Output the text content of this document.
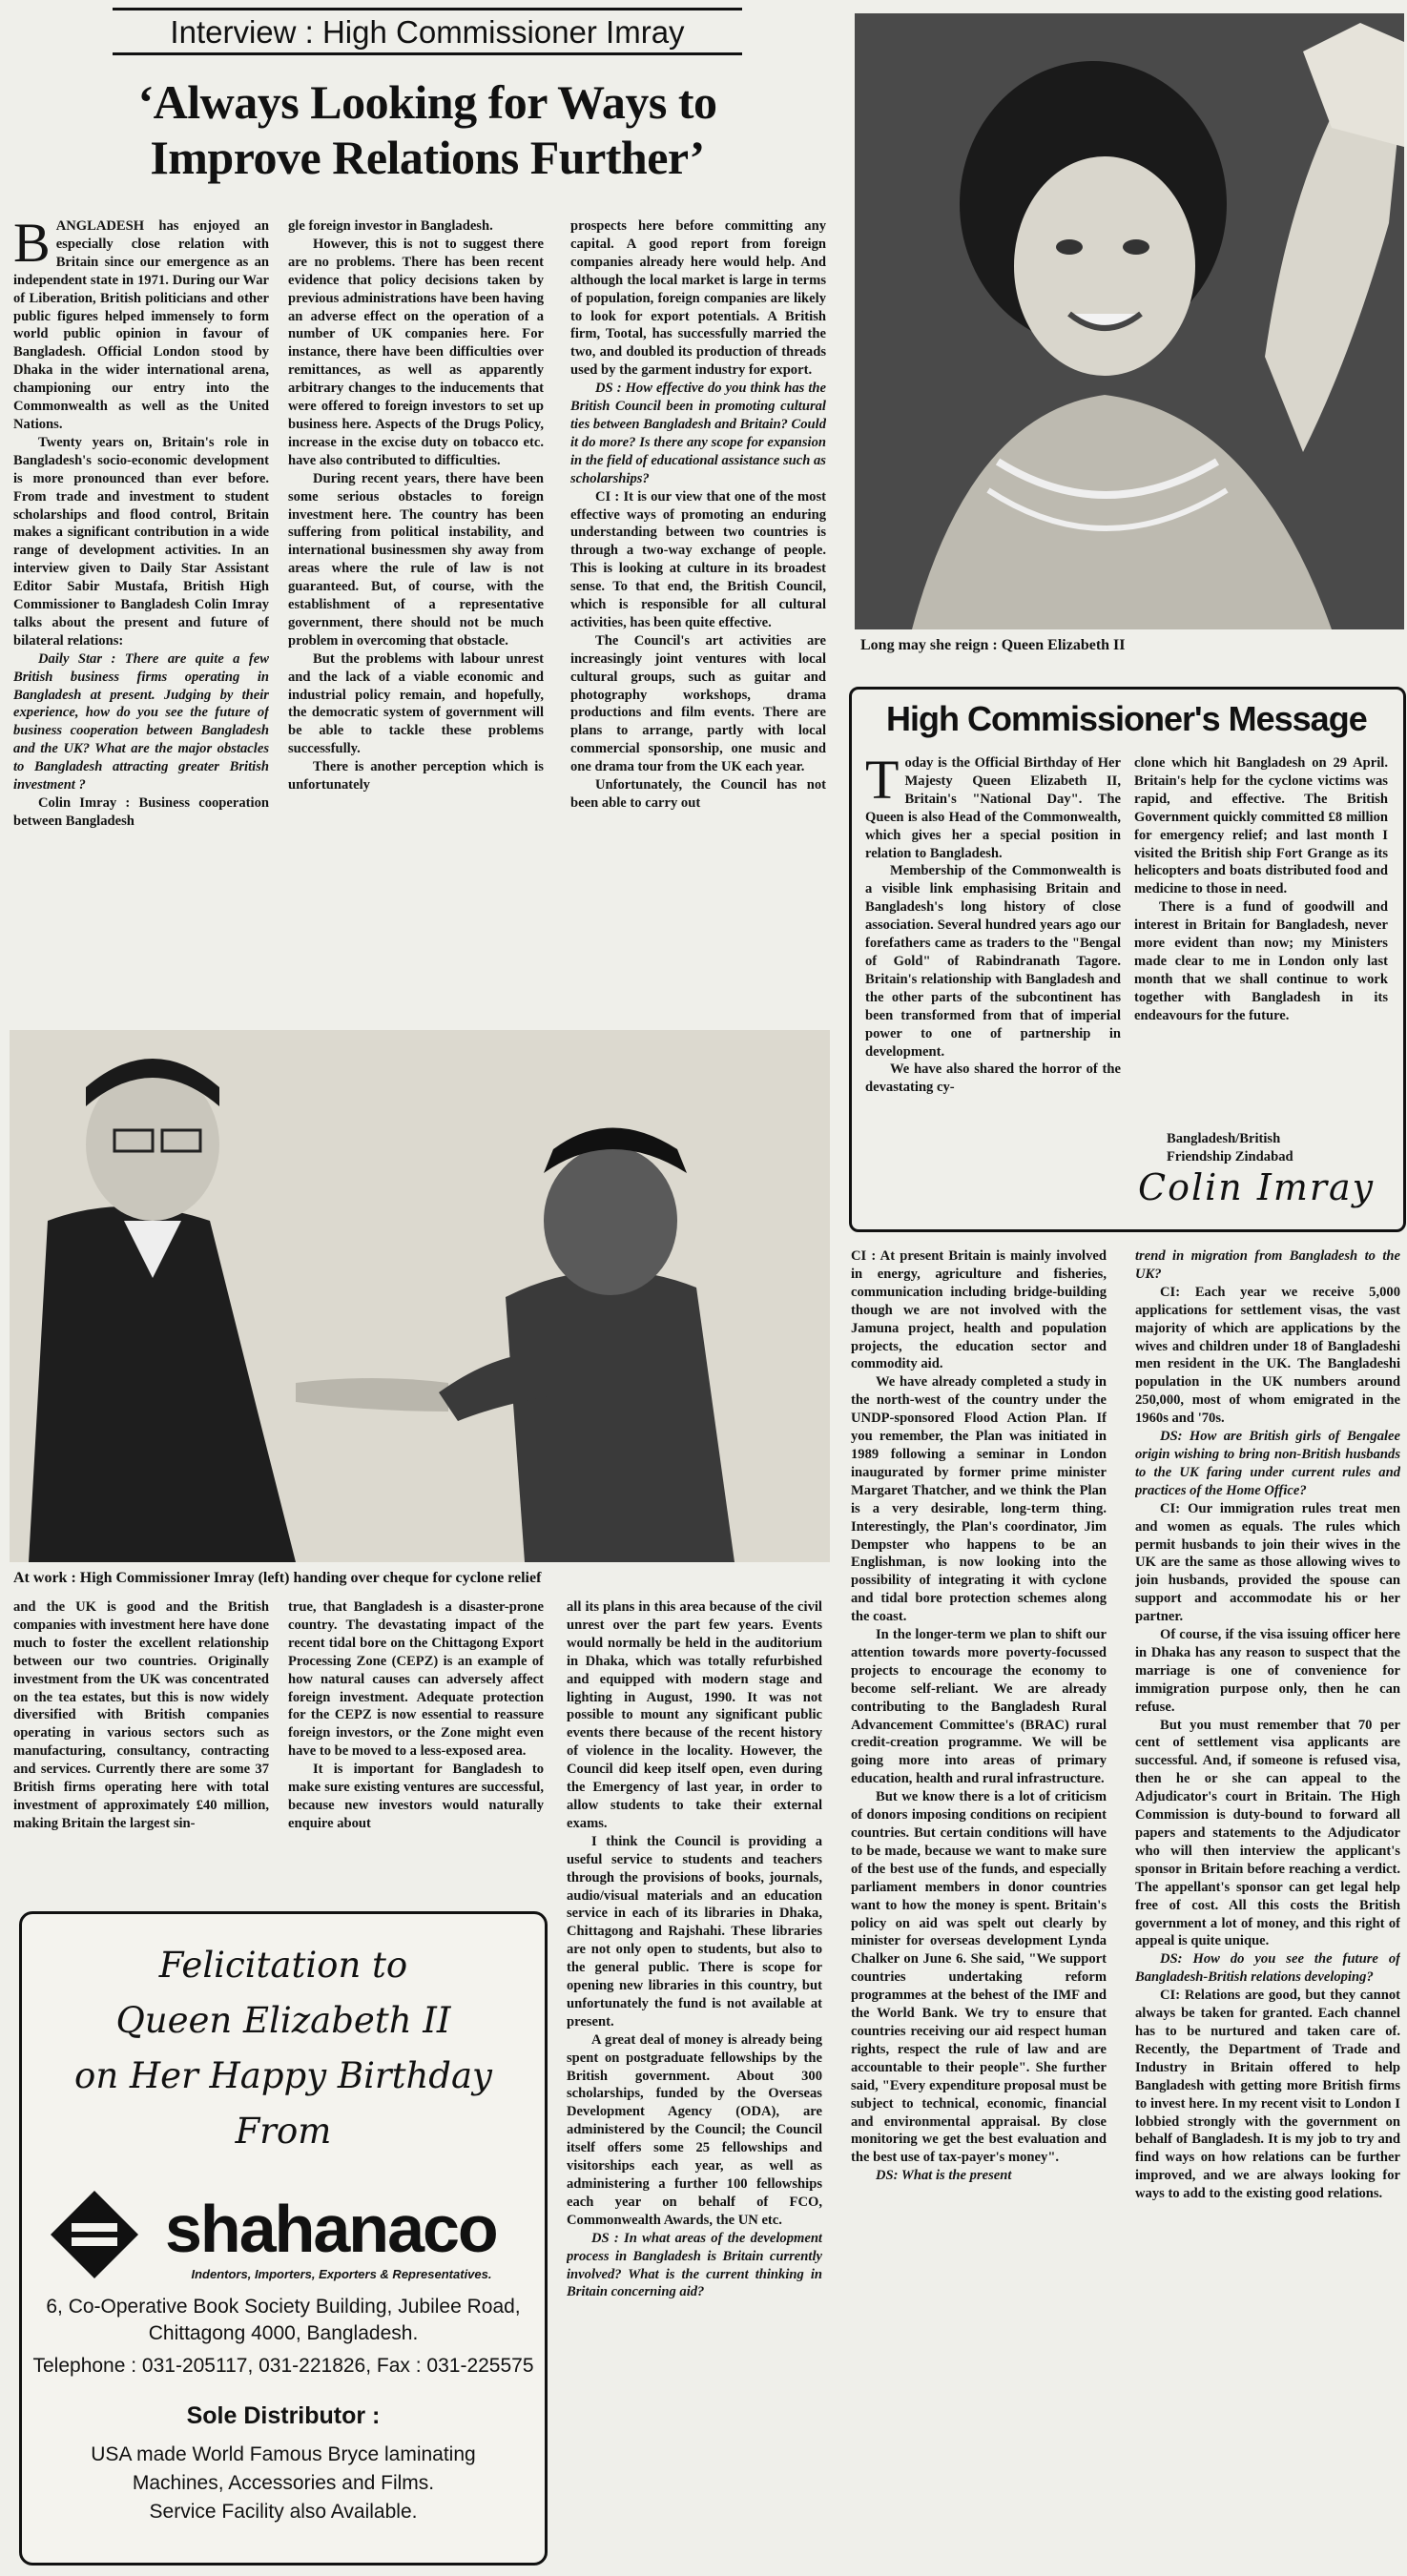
Interview : High Commissioner Imray
‘Always Looking for Ways to
Improve Relations Further’
B ANGLADESH has enjoyed an especially close relation with Britain since our emergence as an independent state in 1971. During our War of Liberation, British politicians and other public figures helped immensely to form world public opinion in favour of Bangladesh. Official London stood by Dhaka in the wider international arena, championing our entry into the Commonwealth as well as the United Nations.

Twenty years on, Britain's role in Bangladesh's socio-economic development is more pronounced than ever before. From trade and investment to student scholarships and flood control, Britain makes a significant contribution in a wide range of development activities. In an interview given to Daily Star Assistant Editor Sabir Mustafa, British High Commissioner to Bangladesh Colin Imray talks about the present and future of bilateral relations:

Daily Star : There are quite a few British business firms operating in Bangladesh at present. Judging by their experience, how do you see the future of business cooperation between Bangladesh and the UK? What are the major obstacles to Bangladesh attracting greater British investment ?

Colin Imray : Business cooperation between Bangladesh

gle foreign investor in Bangladesh.

However, this is not to suggest there are no problems. There has been recent evidence that policy decisions taken by previous administrations have been having an adverse effect on the operation of a number of UK companies here. For instance, there have been difficulties over remittances, as well as apparently arbitrary changes to the inducements that were offered to foreign investors to set up business here. Aspects of the Drugs Policy, increase in the excise duty on tobacco etc. have also contributed to difficulties.

During recent years, there have been some serious obstacles to foreign investment here. The country has been suffering from political instability, and international businessmen shy away from areas where the rule of law is not guaranteed. But, of course, with the establishment of a representative government, there should not be much problem in overcoming that obstacle.

But the problems with labour unrest and the lack of a viable economic and industrial policy remain, and hopefully, the democratic system of government will be able to tackle these problems successfully.

There is another perception which is unfortunately

prospects here before committing any capital. A good report from foreign companies already here would help. And although the local market is large in terms of population, foreign companies are likely to look for export potentials. A British firm, Tootal, has successfully married the two, and doubled its production of threads used by the garment industry for export.

DS : How effective do you think has the British Council been in promoting cultural ties between Bangladesh and Britain? Could it do more? Is there any scope for expansion in the field of educational assistance such as scholarships?

CI : It is our view that one of the most effective ways of promoting an enduring understanding between two countries is through a two-way exchange of people. This is looking at culture in its broadest sense. To that end, the British Council, which is responsible for all cultural activities, has been quite effective.

The Council's art activities are increasingly joint ventures with local cultural groups, such as guitar and photography workshops, drama productions and film events. There are plans to arrange, partly with local commercial sponsorship, one music and one drama tour from the UK each year.

Unfortunately, the Council has not been able to carry out

Long may she reign : Queen Elizabeth II
High Commissioner's Message
T oday is the Official Birthday of Her Majesty Queen Elizabeth II, Britain's "National Day". The Queen is also Head of the Commonwealth, which gives her a special position in relation to Bangladesh.

Membership of the Commonwealth is a visible link emphasising Britain and Bangladesh's long history of close association. Several hundred years ago our forefathers came as traders to the "Bengal of Gold" of Rabindranath Tagore. Britain's relationship with Bangladesh and the other parts of the subcontinent has been transformed from that of imperial power to one of partnership in development.

We have also shared the horror of the devastating cy-

clone which hit Bangladesh on 29 April. Britain's help for the cyclone victims was rapid, and effective. The British Government quickly committed £8 million for emergency relief; and last month I visited the British ship Fort Grange as its helicopters and boats distributed food and medicine to those in need.

There is a fund of goodwill and interest in Britain for Bangladesh, never more evident than now; my Ministers made clear to me in London only last month that we shall continue to work together with Bangladesh in its endeavours for the future.

Bangladesh/British
Friendship Zindabad
Colin Imray
At work : High Commissioner Imray (left) handing over cheque for cyclone relief

and the UK is good and the British companies with investment here have done much to foster the excellent relationship between our two countries. Originally investment from the UK was concentrated on the tea estates, but this is now widely diversified with British companies operating in various sectors such as manufacturing, consultancy, contracting and services. Currently there are some 37 British firms operating here with total investment of approximately £40 million, making Britain the largest sin-

true, that Bangladesh is a disaster-prone country. The devastating impact of the recent tidal bore on the Chittagong Export Processing Zone (CEPZ) is an example of how natural causes can adversely affect foreign investment. Adequate protection for the CEPZ is now essential to reassure foreign investors, or the Zone might even have to be moved to a less-exposed area.

It is important for Bangladesh to make sure existing ventures are successful, because new investors would naturally enquire about

all its plans in this area because of the civil unrest over the part few years. Events would normally be held in the auditorium in Dhaka, which was totally refurbished and equipped with modern stage and lighting in August, 1990. It was not possible to mount any significant public events there because of the recent history of violence in the locality. However, the Council did keep itself open, even during the Emergency of last year, in order to allow students to take their external exams.

I think the Council is providing a useful service to students and teachers through the provisions of books, journals, audio/visual materials and an education service in each of its libraries in Dhaka, Chittagong and Rajshahi. These libraries are not only open to students, but also to the general public. There is scope for opening new libraries in this country, but unfortunately the fund is not available at present.

A great deal of money is already being spent on postgraduate fellowships by the British government. About 300 scholarships, funded by the Overseas Development Agency (ODA), are administered by the Council; the Council itself offers some 25 fellowships and visitorships each year, as well as administering a further 100 fellowships each year on behalf of FCO, Commonwealth Awards, the UN etc.

DS : In what areas of the development process in Bangladesh is Britain currently involved? What is the current thinking in Britain concerning aid?

CI : At present Britain is mainly involved in energy, agriculture and fisheries, communication including bridge-building though we are not involved with the Jamuna project, health and population projects, the education sector and commodity aid.

We have already completed a study in the north-west of the country under the UNDP-sponsored Flood Action Plan. If you remember, the Plan was initiated in 1989 following a seminar in London inaugurated by former prime minister Margaret Thatcher, and we think the Plan is a very desirable, long-term thing. Interestingly, the Plan's coordinator, Jim Dempster who happens to be an Englishman, is now looking into the possibility of integrating it with cyclone and tidal bore protection schemes along the coast.

In the longer-term we plan to shift our attention towards more poverty-focussed projects to encourage the economy to become self-reliant. We are already contributing to the Bangladesh Rural Advancement Committee's (BRAC) rural credit-creation programme. We will be going more into areas of primary education, health and rural infrastructure.

But we know there is a lot of criticism of donors imposing conditions on recipient countries. But certain conditions will have to be made, because we want to make sure of the best use of the funds, and especially parliament members in donor countries want to how the money is spent. Britain's policy on aid was spelt out clearly by minister for overseas development Lynda Chalker on June 6. She said, "We support countries undertaking reform programmes at the behest of the IMF and the World Bank. We try to ensure that countries receiving our aid respect human rights, respect the rule of law and are accountable to their people". She further said, "Every expenditure proposal must be subject to technical, economic, financial and environmental appraisal. By close monitoring we get the best evaluation and the best use of tax-payer's money".

DS: What is the present

trend in migration from Bangladesh to the UK?

CI: Each year we receive 5,000 applications for settlement visas, the vast majority of which are applications by the wives and children under 18 of Bangladeshi men resident in the UK. The Bangladeshi population in the UK numbers around 250,000, most of whom emigrated in the 1960s and '70s.

DS: How are British girls of Bengalee origin wishing to bring non-British husbands to the UK faring under current rules and practices of the Home Office?

CI: Our immigration rules treat men and women as equals. The rules which permit husbands to join their wives in the UK are the same as those allowing wives to join husbands, provided the spouse can support and accommodate his or her partner.

Of course, if the visa issuing officer here in Dhaka has any reason to suspect that the marriage is one of convenience for immigration purpose only, then he can refuse.

But you must remember that 70 per cent of settlement visa applicants are successful. And, if someone is refused visa, then he or she can appeal to the Adjudicator's court in Britain. The High Commission is duty-bound to forward all papers and statements to the Adjudicator who will then interview the applicant's sponsor in Britain before reaching a verdict. The appellant's sponsor can get legal help free of cost. All this costs the British government a lot of money, and this right of appeal is quite unique.

DS: How do you see the future of Bangladesh-British relations developing?

CI: Relations are good, but they cannot always be taken for granted. Each channel has to be nurtured and taken care of. Recently, the Department of Trade and Industry in Britain offered to help Bangladesh with getting more British firms to invest here. In my recent visit to London I lobbied strongly with the government on behalf of Bangladesh. It is my job to try and find ways on how relations can be further improved, and we are always looking for ways to add to the existing good relations.

Felicitation to
Queen Elizabeth II
on Her Happy Birthday
From
shahanaco
Indentors, Importers, Exporters & Representatives.
6, Co-Operative Book Society Building, Jubilee Road,
Chittagong 4000, Bangladesh.
Telephone : 031-205117, 031-221826, Fax : 031-225575
Sole Distributor :
USA made World Famous Bryce laminating
Machines, Accessories and Films.
Service Facility also Available.
